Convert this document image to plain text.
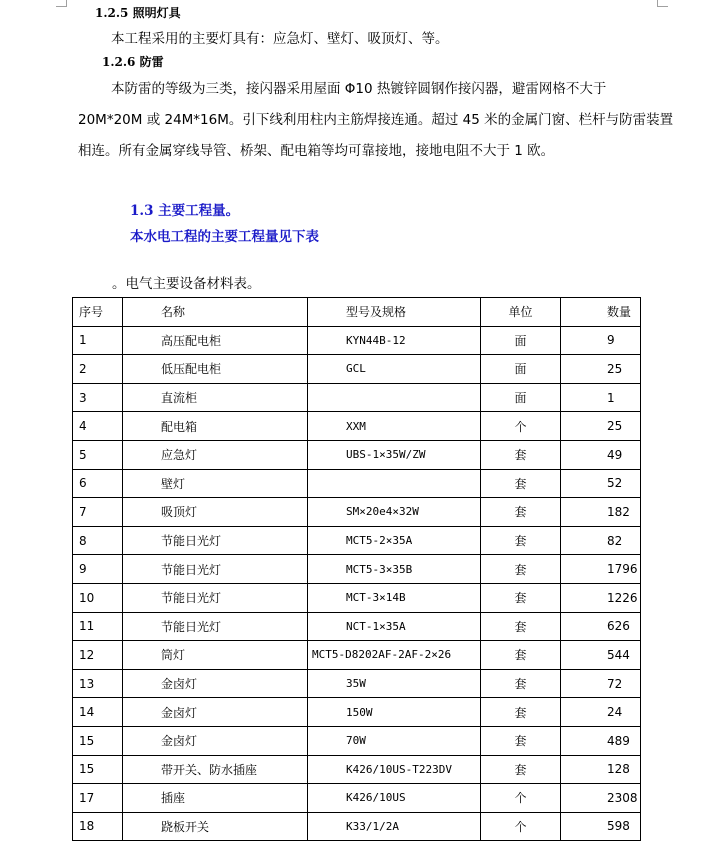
1.2.5 照明灯具
本工程采用的主要灯具有：应急灯、壁灯、吸顶灯、等。
1.2.6 防雷
本防雷的等级为三类，接闪器采用屋面 Φ10 热镀锌圆钢作接闪器，避雷网格不大于
20M*20M 或 24M*16M。引下线利用柱内主筋焊接连通。超过 45 米的金属门窗、栏杆与防雷装置
相连。所有金属穿线导管、桥架、配电箱等均可靠接地，接地电阻不大于 1 欧。
1.3 主要工程量。
本水电工程的主要工程量见下表
。电气主要设备材料表。
序号	名称	型号及规格	单位	数量
1	高压配电柜	KYN44B-12	面	9
2	低压配电柜	GCL	面	25
3	直流柜		面	1
4	配电箱	XXM	个	25
5	应急灯	UBS-1×35W/ZW	套	49
6	壁灯		套	52
7	吸顶灯	SM×20e4×32W	套	182
8	节能日光灯	MCT5-2×35A	套	82
9	节能日光灯	MCT5-3×35B	套	1796
10	节能日光灯	MCT-3×14B	套	1226
11	节能日光灯	NCT-1×35A	套	626
12	筒灯	MCT5-D8202AF-2AF-2×26	套	544
13	金卤灯	35W	套	72
14	金卤灯	150W	套	24
15	金卤灯	70W	套	489
15	带开关、防水插座	K426/10US-T223DV	套	128
17	插座	K426/10US	个	2308
18	跷板开关	K33/1/2A	个	598
